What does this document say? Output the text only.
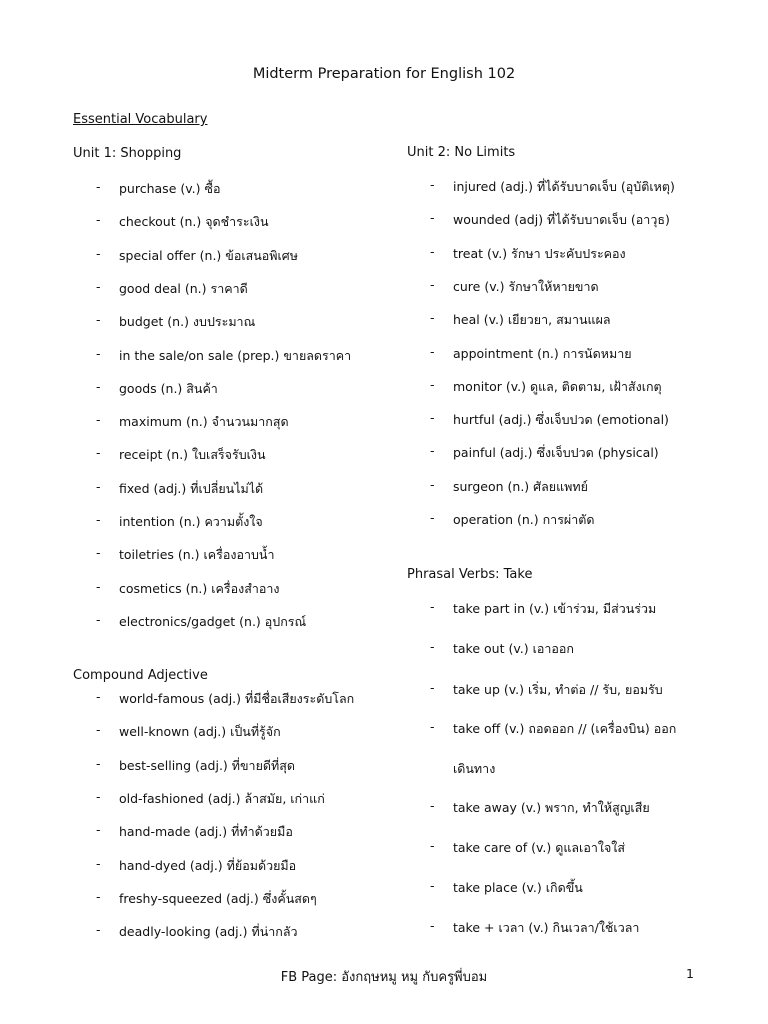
Midterm Preparation for English 102
Essential Vocabulary
Unit 1: Shopping
- purchase (v.) ซื้อ
- checkout (n.) จุดชำระเงิน
- special offer (n.) ข้อเสนอพิเศษ
- good deal (n.) ราคาดี
- budget (n.) งบประมาณ
- in the sale/on sale (prep.) ขายลดราคา
- goods (n.) สินค้า
- maximum (n.) จำนวนมากสุด
- receipt (n.) ใบเสร็จรับเงิน
- fixed (adj.) ที่เปลี่ยนไม่ได้
- intention (n.) ความตั้งใจ
- toiletries (n.) เครื่องอาบน้ำ
- cosmetics (n.) เครื่องสำอาง
- electronics/gadget (n.) อุปกรณ์
Compound Adjective
- world-famous (adj.) ที่มีชื่อเสียงระดับโลก
- well-known (adj.) เป็นที่รู้จัก
- best-selling (adj.) ที่ขายดีที่สุด
- old-fashioned (adj.) ล้าสมัย, เก่าแก่
- hand-made (adj.) ที่ทำด้วยมือ
- hand-dyed (adj.) ที่ย้อมด้วยมือ
- freshy-squeezed (adj.) ซึ่งคั้นสดๆ
- deadly-looking (adj.) ที่น่ากลัว
Unit 2: No Limits
- injured (adj.) ที่ได้รับบาดเจ็บ (อุบัติเหตุ)
- wounded (adj) ที่ได้รับบาดเจ็บ (อาวุธ)
- treat (v.) รักษา ประคับประคอง
- cure (v.) รักษาให้หายขาด
- heal (v.) เยียวยา, สมานแผล
- appointment (n.) การนัดหมาย
- monitor (v.) ดูแล, ติดตาม, เฝ้าสังเกตุ
- hurtful (adj.) ซึ่งเจ็บปวด (emotional)
- painful (adj.) ซึ่งเจ็บปวด (physical)
- surgeon (n.) ศัลยแพทย์
- operation (n.) การผ่าตัด
Phrasal Verbs: Take
- take part in (v.) เข้าร่วม, มีส่วนร่วม
- take out (v.) เอาออก
- take up (v.) เริ่ม, ทำต่อ // รับ, ยอมรับ
- take off (v.) ถอดออก // (เครื่องบิน) ออก
- take away (v.) พราก, ทำให้สูญเสีย
- take care of (v.) ดูแลเอาใจใส่
- take place (v.) เกิดขึ้น
- take + เวลา (v.) กินเวลา/ใช้เวลา
เดินทาง
FB Page: อังกฤษหมู หมู กับครูพี่บอม	1
